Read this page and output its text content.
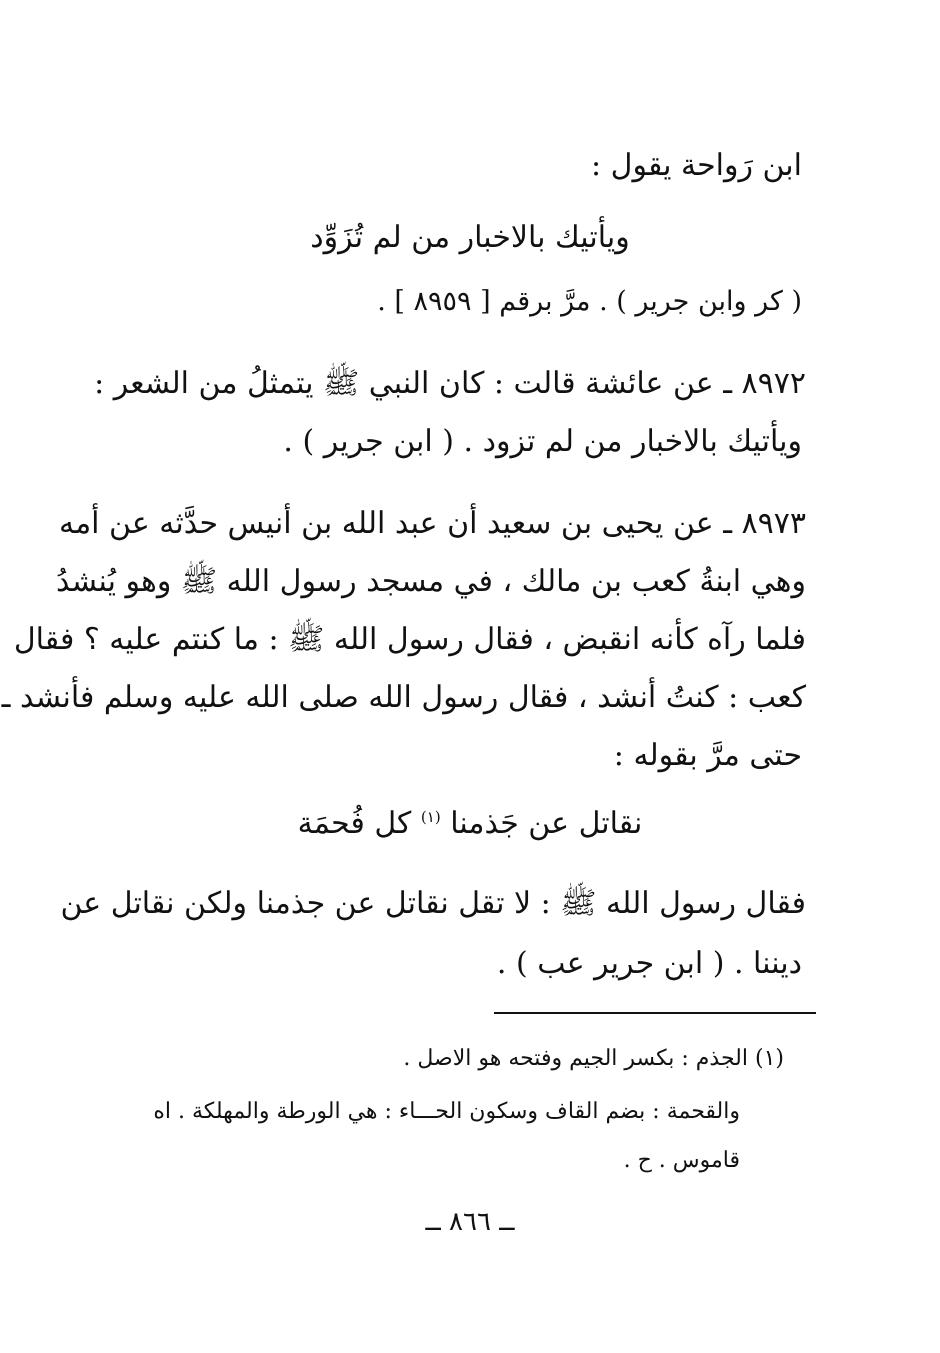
ابن رَواحة يقول :
ويأتيك بالاخبار من لم تُزَوِّد
( كر وابن جرير ) . مرَّ برقم [ ٨٩٥٩ ] .
٨٩٧٢ ـ عن عائشة قالت : كان النبي ﷺ يتمثلُ من الشعر :
ويأتيك بالاخبار من لم تزود . ( ابن جرير ) .
٨٩٧٣ ـ عن يحيى بن سعيد أن عبد الله بن أنيس حدَّثه عن أمه
وهي ابنةُ كعب بن مالك ، في مسجد رسول الله ﷺ وهو يُنشدُ
فلما رآه كأنه انقبض ، فقال رسول الله ﷺ : ما كنتم عليه ؟ فقال
كعب : كنتُ أنشد ، فقال رسول الله صلى الله عليه وسلم فأنشد ـ
حتى مرَّ بقوله :
نقاتل عن جَذمنا $^{(١)}$ كل فُحمَة
فقال رسول الله ﷺ : لا تقل نقاتل عن جذمنا ولكن نقاتل عن
ديننا . ( ابن جرير عب ) .
(١) الجذم : بكسر الجيم وفتحه هو الاصل .
والقحمة : بضم القاف وسكون الحـــاء : هي الورطة والمهلكة . اه
قاموس . ح .
ــ ٨٦٦ ــ
